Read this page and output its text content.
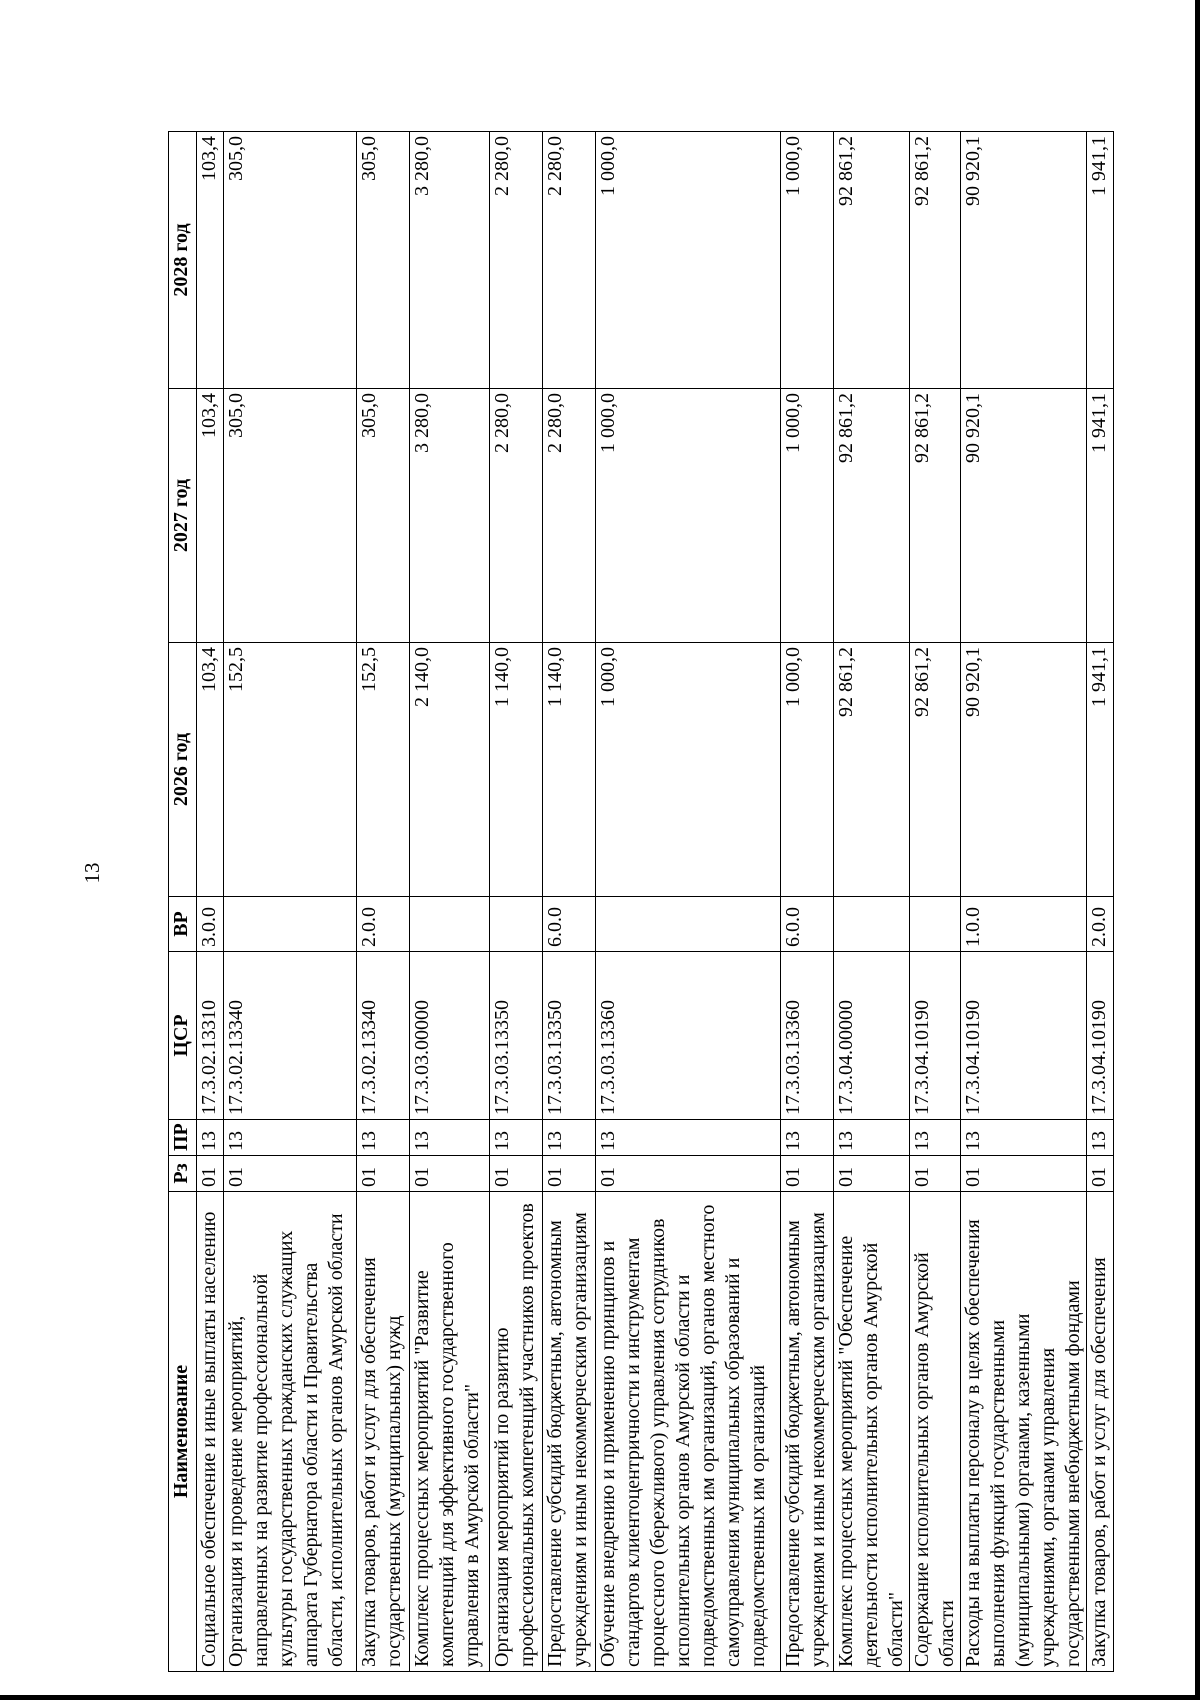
13
Наименование	Рз	ПР	ЦСР	ВР	2026 год	2027 год	2028 год
Социальное обеспечение и иные выплаты населению	01	13	17.3.02.13310	3.0.0	103,4	103,4	103,4
Организация и проведение мероприятий, направленных на развитие профессиональной культуры государственных гражданских служащих аппарата Губернатора области и Правительства области, исполнительных органов Амурской области	01	13	17.3.02.13340		152,5	305,0	305,0
Закупка товаров, работ и услуг для обеспечения государственных (муниципальных) нужд	01	13	17.3.02.13340	2.0.0	152,5	305,0	305,0
Комплекс процессных мероприятий "Развитие компетенций для эффективного государственного управления в Амурской области"	01	13	17.3.03.00000		2 140,0	3 280,0	3 280,0
Организация мероприятий по развитию профессиональных компетенций участников проектов	01	13	17.3.03.13350		1 140,0	2 280,0	2 280,0
Предоставление субсидий бюджетным, автономным учреждениям и иным некоммерческим организациям	01	13	17.3.03.13350	6.0.0	1 140,0	2 280,0	2 280,0
Обучение внедрению и применению принципов и стандартов клиентоцентричности и инструментам процессного (бережливого) управления сотрудников исполнительных органов Амурской области и подведомственных им организаций, органов местного самоуправления муниципальных образований и подведомственных им организаций	01	13	17.3.03.13360		1 000,0	1 000,0	1 000,0
Предоставление субсидий бюджетным, автономным учреждениям и иным некоммерческим организациям	01	13	17.3.03.13360	6.0.0	1 000,0	1 000,0	1 000,0
Комплекс процессных мероприятий "Обеспечение деятельности исполнительных органов Амурской области"	01	13	17.3.04.00000		92 861,2	92 861,2	92 861,2
Содержание исполнительных органов Амурской области	01	13	17.3.04.10190		92 861,2	92 861,2	92 861,2
Расходы на выплаты персоналу в целях обеспечения выполнения функций государственными (муниципальными) органами, казенными учреждениями, органами управления государственными внебюджетными фондами	01	13	17.3.04.10190	1.0.0	90 920,1	90 920,1	90 920,1
Закупка товаров, работ и услуг для обеспечения	01	13	17.3.04.10190	2.0.0	1 941,1	1 941,1	1 941,1
